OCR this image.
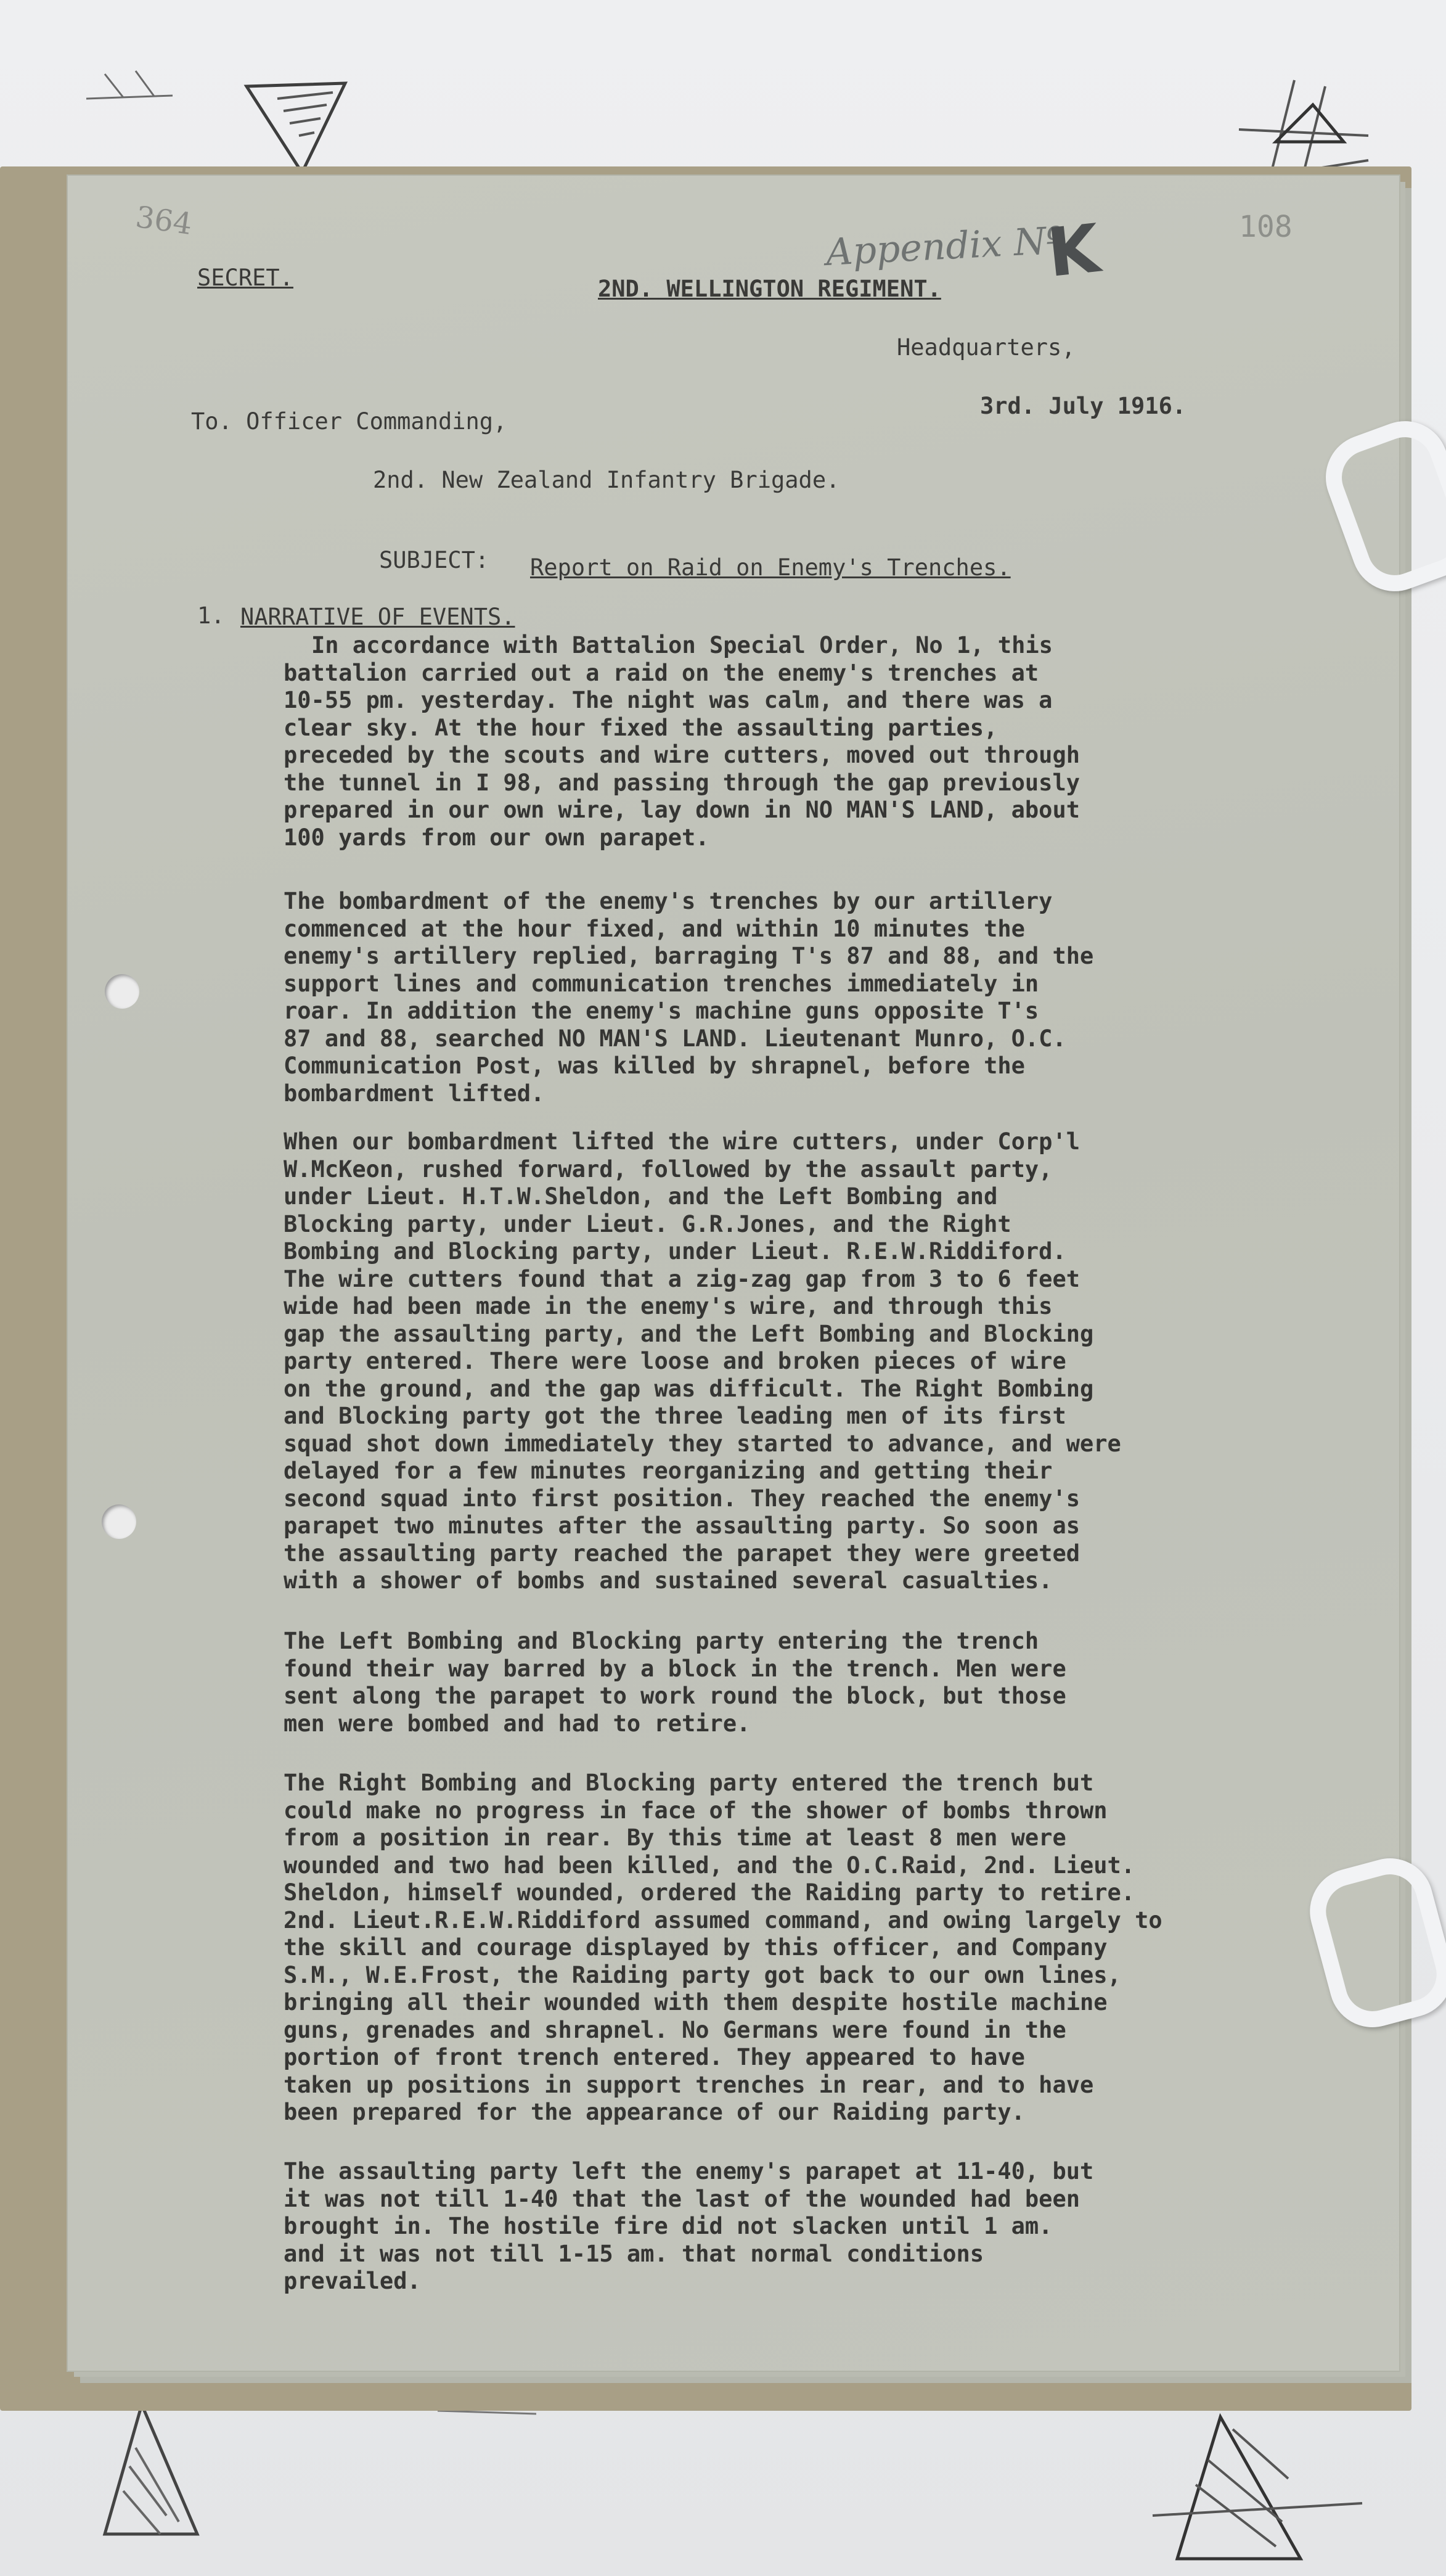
364	108
Appendix Nº
K
SECRET.	2ND. WELLINGTON REGIMENT.
Headquarters,
3rd. July 1916.
To. Officer Commanding,
2nd. New Zealand Infantry Brigade.
SUBJECT: Report on Raid on Enemy's Trenches.
1. NARRATIVE OF EVENTS.
In accordance with Battalion Special Order, No 1, this
battalion carried out a raid on the enemy's trenches at
10-55 pm. yesterday. The night was calm, and there was a
clear sky. At the hour fixed the assaulting parties,
preceded by the scouts and wire cutters, moved out through
the tunnel in I 98, and passing through the gap previously
prepared in our own wire, lay down in NO MAN'S LAND, about
100 yards from our own parapet.
The bombardment of the enemy's trenches by our artillery
commenced at the hour fixed, and within 10 minutes the
enemy's artillery replied, barraging T's 87 and 88, and the
support lines and communication trenches immediately in
roar. In addition the enemy's machine guns opposite T's
87 and 88, searched NO MAN'S LAND. Lieutenant Munro, O.C.
Communication Post, was killed by shrapnel, before the
bombardment lifted.
When our bombardment lifted the wire cutters, under Corp'l
W.McKeon, rushed forward, followed by the assault party,
under Lieut. H.T.W.Sheldon, and the Left Bombing and
Blocking party, under Lieut. G.R.Jones, and the Right
Bombing and Blocking party, under Lieut. R.E.W.Riddiford.
The wire cutters found that a zig-zag gap from 3 to 6 feet
wide had been made in the enemy's wire, and through this
gap the assaulting party, and the Left Bombing and Blocking
party entered. There were loose and broken pieces of wire
on the ground, and the gap was difficult. The Right Bombing
and Blocking party got the three leading men of its first
squad shot down immediately they started to advance, and were
delayed for a few minutes reorganizing and getting their
second squad into first position. They reached the enemy's
parapet two minutes after the assaulting party. So soon as
the assaulting party reached the parapet they were greeted
with a shower of bombs and sustained several casualties.
The Left Bombing and Blocking party entering the trench
found their way barred by a block in the trench. Men were
sent along the parapet to work round the block, but those
men were bombed and had to retire.
The Right Bombing and Blocking party entered the trench but
could make no progress in face of the shower of bombs thrown
from a position in rear. By this time at least 8 men were
wounded and two had been killed, and the O.C.Raid, 2nd. Lieut.
Sheldon, himself wounded, ordered the Raiding party to retire.
2nd. Lieut.R.E.W.Riddiford assumed command, and owing largely to
the skill and courage displayed by this officer, and Company
S.M., W.E.Frost, the Raiding party got back to our own lines,
bringing all their wounded with them despite hostile machine
guns, grenades and shrapnel. No Germans were found in the
portion of front trench entered. They appeared to have
taken up positions in support trenches in rear, and to have
been prepared for the appearance of our Raiding party.
The assaulting party left the enemy's parapet at 11-40, but
it was not till 1-40 that the last of the wounded had been
brought in. The hostile fire did not slacken until 1 am.
and it was not till 1-15 am. that normal conditions
prevailed.
